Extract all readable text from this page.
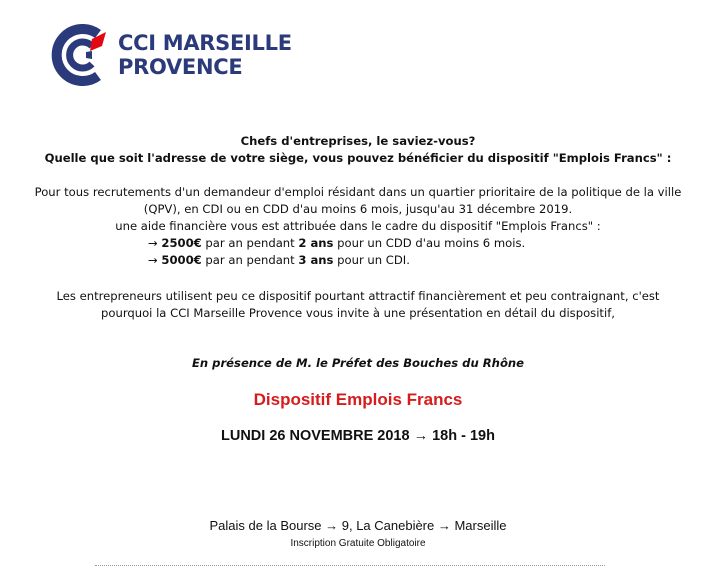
CCI MARSEILLE
PROVENCE
Chefs d'entreprises, le saviez-vous?
Quelle que soit l'adresse de votre siège, vous pouvez bénéficier du dispositif "Emplois Francs" :

Pour tous recrutements d'un demandeur d'emploi résidant dans un quartier prioritaire de la politique de la ville
(QPV), en CDI ou en CDD d'au moins 6 mois, jusqu'au 31 décembre 2019.
une aide financière vous est attribuée dans le cadre du dispositif "Emplois Francs" :
→ 2500€ par an pendant 2 ans pour un CDD d'au moins 6 mois.
→ 5000€ par an pendant 3 ans pour un CDI.
Les entrepreneurs utilisent peu ce dispositif pourtant attractif financièrement et peu contraignant, c'est
pourquoi la CCI Marseille Provence vous invite à une présentation en détail du dispositif,
En présence de M. le Préfet des Bouches du Rhône
Dispositif Emplois Francs
LUNDI 26 NOVEMBRE 2018 → 18h - 19h
Palais de la Bourse → 9, La Canebière → Marseille
Inscription Gratuite Obligatoire
